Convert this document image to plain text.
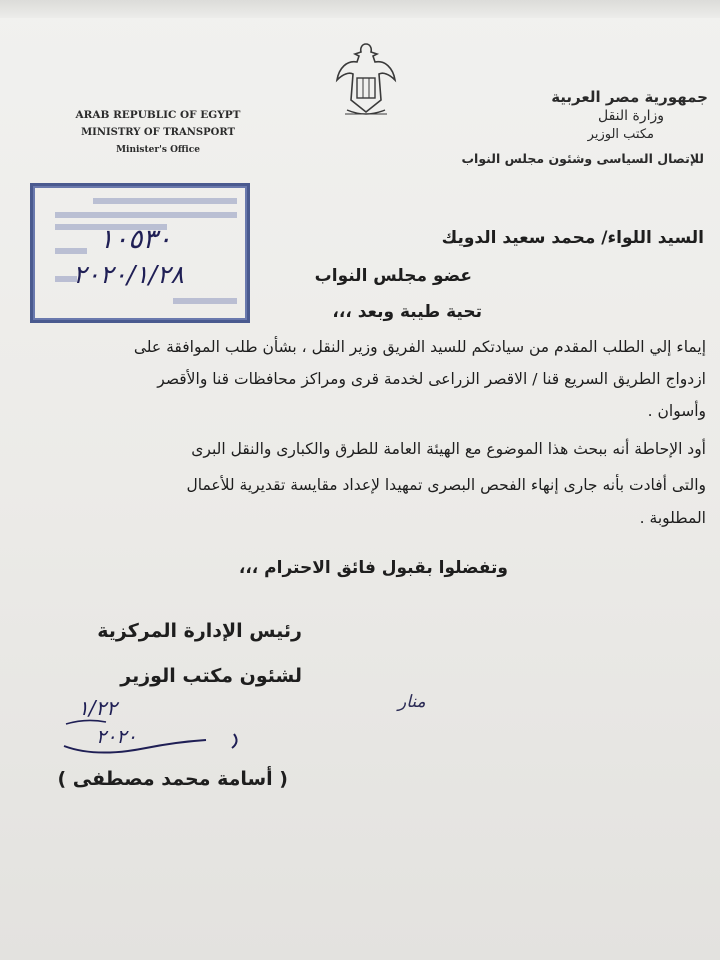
ARAB REPUBLIC OF EGYPT
MINISTRY OF TRANSPORT
Minister's Office
جمهورية مصر العربية
وزارة النقل
مكتب الوزير
للإتصال السياسى وشئون مجلس النواب
١٠٥٣٠
٢٠٢٠/١/٢٨
السيد اللواء/ محمد سعيد الدويك
عضو مجلس النواب
تحية طيبة وبعد ،،،
إيماء إلي الطلب المقدم من سيادتكم للسيد الفريق وزير النقل ، بشأن طلب الموافقة على
ازدواج الطريق السريع قنا / الاقصر الزراعى لخدمة قرى ومراكز محافظات قنا والأقصر
وأسوان .
أود الإحاطة أنه ببحث هذا الموضوع مع الهيئة العامة للطرق والكبارى والنقل البرى
والتى أفادت بأنه جارى إنهاء الفحص البصرى تمهيدا لإعداد مقايسة تقديرية للأعمال
المطلوبة .
وتفضلوا بقبول فائق الاحترام ،،،
رئيس الإدارة المركزية
لشئون مكتب الوزير
منار
١/٢٢
٢٠٢٠
( أسامة محمد مصطفى )
